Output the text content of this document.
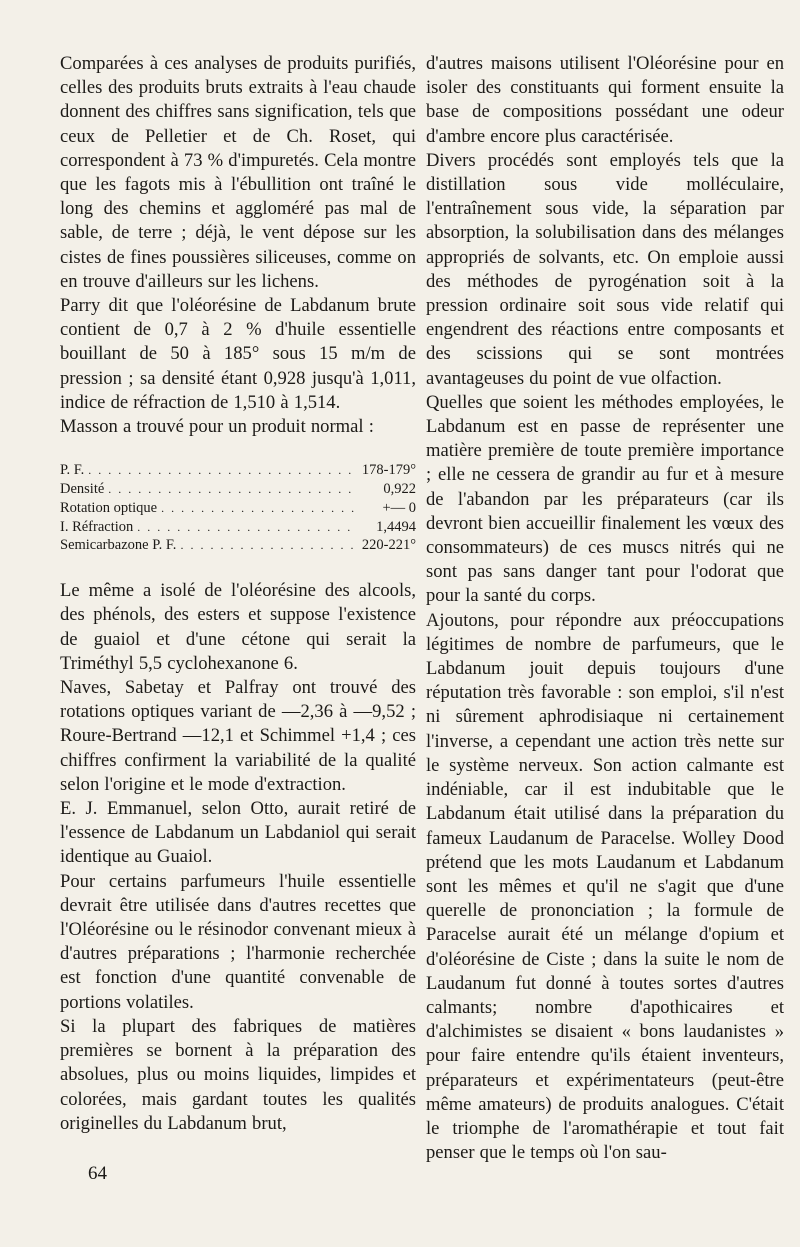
Comparées à ces analyses de produits purifiés, celles des produits bruts extraits à l'eau chaude donnent des chiffres sans signification, tels que ceux de Pelletier et de Ch. Roset, qui correspondent à 73 % d'impuretés. Cela montre que les fagots mis à l'ébullition ont traîné le long des chemins et aggloméré pas mal de sable, de terre ; déjà, le vent dépose sur les cistes de fines poussières siliceuses, comme on en trouve d'ailleurs sur les lichens.

Parry dit que l'oléorésine de Labdanum brute contient de 0,7 à 2 % d'huile essentielle bouillant de 50 à 185° sous 15 m/m de pression ; sa densité étant 0,928 jusqu'à 1,011, indice de réfraction de 1,510 à 1,514.

Masson a trouvé pour un produit normal :

P. F. . . .	178-179°
Densité . . .	0,922
Rotation optique . . .	+— 0
I. Réfraction . . .	1,4494
Semicarbazone P. F. . . .	220-221°

Le même a isolé de l'oléorésine des alcools, des phénols, des esters et suppose l'existence de guaiol et d'une cétone qui serait la Triméthyl 5,5 cyclohexanone 6.

Naves, Sabetay et Palfray ont trouvé des rotations optiques variant de —2,36 à —9,52 ; Roure-Bertrand —12,1 et Schimmel +1,4 ; ces chiffres confirment la variabilité de la qualité selon l'origine et le mode d'extraction.

E. J. Emmanuel, selon Otto, aurait retiré de l'essence de Labdanum un Labdaniol qui serait identique au Guaiol.

Pour certains parfumeurs l'huile essentielle devrait être utilisée dans d'autres recettes que l'Oléorésine ou le résinodor convenant mieux à d'autres préparations ; l'harmonie recherchée est fonction d'une quantité convenable de portions volatiles.

Si la plupart des fabriques de matières premières se bornent à la préparation des absolues, plus ou moins liquides, limpides et colorées, mais gardant toutes les qualités originelles du Labdanum brut,

d'autres maisons utilisent l'Oléorésine pour en isoler des constituants qui forment ensuite la base de compositions possédant une odeur d'ambre encore plus caractérisée.

Divers procédés sont employés tels que la distillation sous vide molléculaire, l'entraînement sous vide, la séparation par absorption, la solubilisation dans des mélanges appropriés de solvants, etc. On emploie aussi des méthodes de pyrogénation soit à la pression ordinaire soit sous vide relatif qui engendrent des réactions entre composants et des scissions qui se sont montrées avantageuses du point de vue olfaction.

Quelles que soient les méthodes employées, le Labdanum est en passe de représenter une matière première de toute première importance ; elle ne cessera de grandir au fur et à mesure de l'abandon par les préparateurs (car ils devront bien accueillir finalement les vœux des consommateurs) de ces muscs nitrés qui ne sont pas sans danger tant pour l'odorat que pour la santé du corps.

Ajoutons, pour répondre aux préoccupations légitimes de nombre de parfumeurs, que le Labdanum jouit depuis toujours d'une réputation très favorable : son emploi, s'il n'est ni sûrement aphrodisiaque ni certainement l'inverse, a cependant une action très nette sur le système nerveux. Son action calmante est indéniable, car il est indubitable que le Labdanum était utilisé dans la préparation du fameux Laudanum de Paracelse. Wolley Dood prétend que les mots Laudanum et Labdanum sont les mêmes et qu'il ne s'agit que d'une querelle de prononciation ; la formule de Paracelse aurait été un mélange d'opium et d'oléorésine de Ciste ; dans la suite le nom de Laudanum fut donné à toutes sortes d'autres calmants; nombre d'apothicaires et d'alchimistes se disaient « bons laudanistes » pour faire entendre qu'ils étaient inventeurs, préparateurs et expérimentateurs (peut-être même amateurs) de produits analogues. C'était le triomphe de l'aromathérapie et tout fait penser que le temps où l'on sau-

64
